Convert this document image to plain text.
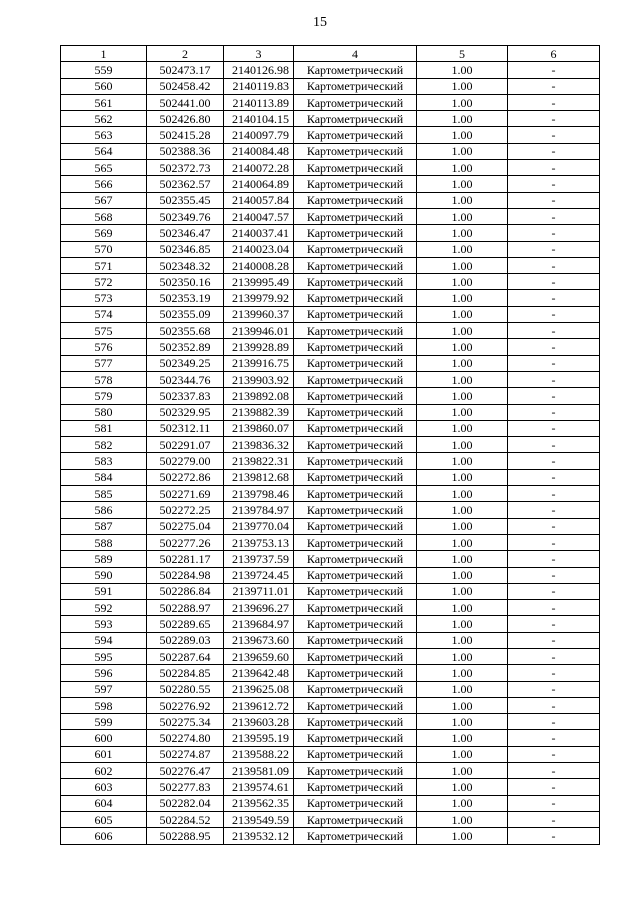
15
1	2	3	4	5	6
559	502473.17	2140126.98	Картометрический	1.00	-
560	502458.42	2140119.83	Картометрический	1.00	-
561	502441.00	2140113.89	Картометрический	1.00	-
562	502426.80	2140104.15	Картометрический	1.00	-
563	502415.28	2140097.79	Картометрический	1.00	-
564	502388.36	2140084.48	Картометрический	1.00	-
565	502372.73	2140072.28	Картометрический	1.00	-
566	502362.57	2140064.89	Картометрический	1.00	-
567	502355.45	2140057.84	Картометрический	1.00	-
568	502349.76	2140047.57	Картометрический	1.00	-
569	502346.47	2140037.41	Картометрический	1.00	-
570	502346.85	2140023.04	Картометрический	1.00	-
571	502348.32	2140008.28	Картометрический	1.00	-
572	502350.16	2139995.49	Картометрический	1.00	-
573	502353.19	2139979.92	Картометрический	1.00	-
574	502355.09	2139960.37	Картометрический	1.00	-
575	502355.68	2139946.01	Картометрический	1.00	-
576	502352.89	2139928.89	Картометрический	1.00	-
577	502349.25	2139916.75	Картометрический	1.00	-
578	502344.76	2139903.92	Картометрический	1.00	-
579	502337.83	2139892.08	Картометрический	1.00	-
580	502329.95	2139882.39	Картометрический	1.00	-
581	502312.11	2139860.07	Картометрический	1.00	-
582	502291.07	2139836.32	Картометрический	1.00	-
583	502279.00	2139822.31	Картометрический	1.00	-
584	502272.86	2139812.68	Картометрический	1.00	-
585	502271.69	2139798.46	Картометрический	1.00	-
586	502272.25	2139784.97	Картометрический	1.00	-
587	502275.04	2139770.04	Картометрический	1.00	-
588	502277.26	2139753.13	Картометрический	1.00	-
589	502281.17	2139737.59	Картометрический	1.00	-
590	502284.98	2139724.45	Картометрический	1.00	-
591	502286.84	2139711.01	Картометрический	1.00	-
592	502288.97	2139696.27	Картометрический	1.00	-
593	502289.65	2139684.97	Картометрический	1.00	-
594	502289.03	2139673.60	Картометрический	1.00	-
595	502287.64	2139659.60	Картометрический	1.00	-
596	502284.85	2139642.48	Картометрический	1.00	-
597	502280.55	2139625.08	Картометрический	1.00	-
598	502276.92	2139612.72	Картометрический	1.00	-
599	502275.34	2139603.28	Картометрический	1.00	-
600	502274.80	2139595.19	Картометрический	1.00	-
601	502274.87	2139588.22	Картометрический	1.00	-
602	502276.47	2139581.09	Картометрический	1.00	-
603	502277.83	2139574.61	Картометрический	1.00	-
604	502282.04	2139562.35	Картометрический	1.00	-
605	502284.52	2139549.59	Картометрический	1.00	-
606	502288.95	2139532.12	Картометрический	1.00	-
